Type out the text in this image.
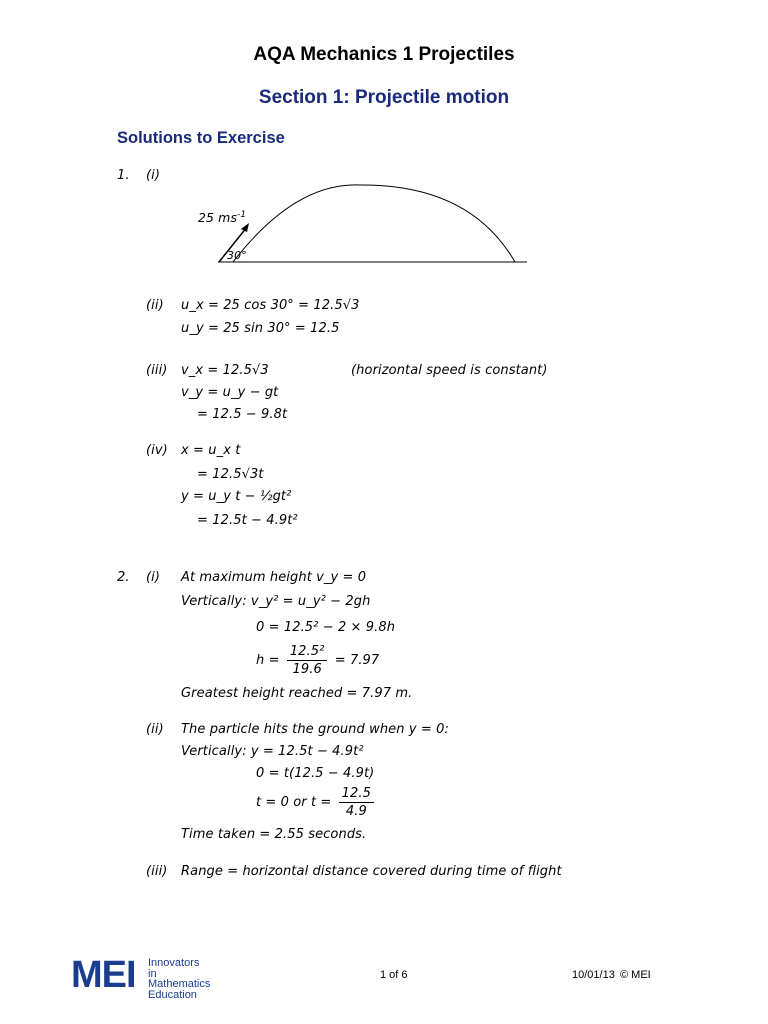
AQA Mechanics 1 Projectiles
Section 1: Projectile motion
Solutions to Exercise
1. (i)
25 $ms^{-1}$
30°
(ii) u_x = 25 cos 30° = 12.5√3
u_y = 25 sin 30° = 12.5
(iii) v_x = 12.5√3	(horizontal speed is constant)
v_y = u_y − gt
= 12.5 − 9.8t
(iv) x = u_x t
= 12.5√3t
y = u_y t − ½gt²
= 12.5t − 4.9t²
2. (i) At maximum height v_y = 0
Vertically: v_y² = u_y² − 2gh
0 = 12.5² − 2 × 9.8h
$h = \frac{\text{12.5²}}{19.6} = 7.97$
Greatest height reached = 7.97 m.
(ii) The particle hits the ground when y = 0:
Vertically: y = 12.5t − 4.9t²
0 = t(12.5 − 4.9t)
t = 0 or $t = \frac{12.5}{4.9}$
Time taken = 2.55 seconds.
(iii) Range = horizontal distance covered during time of flight
MEI Innovators in
Mathematics
Education
1 of 6	10/01/13 © MEI
